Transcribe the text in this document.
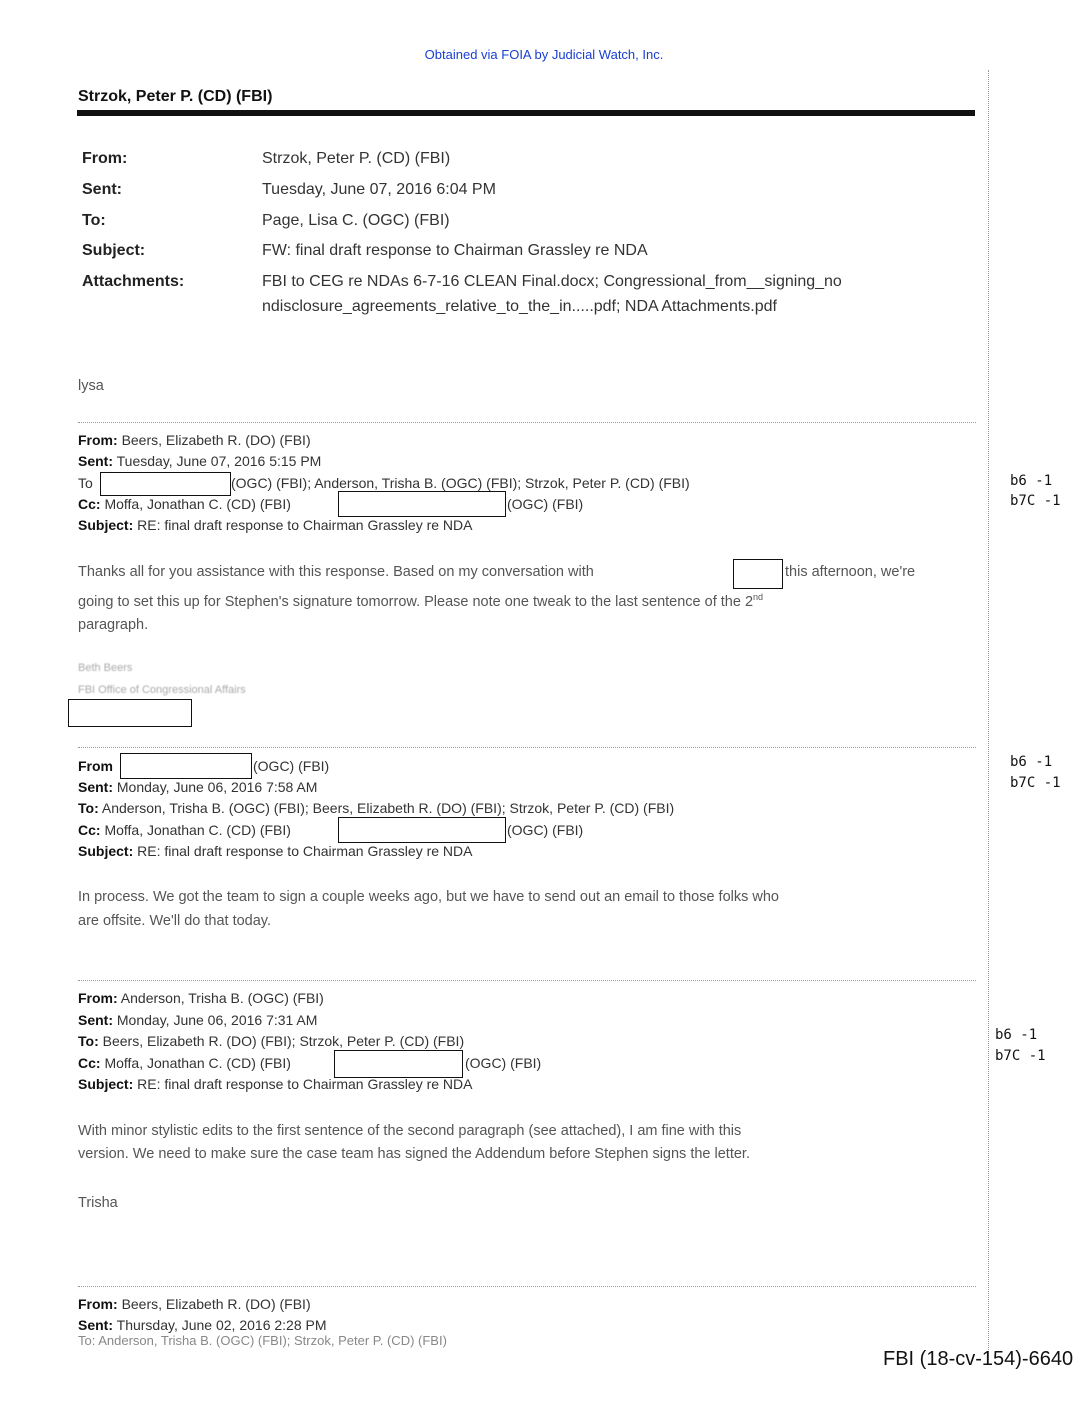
Obtained via FOIA by Judicial Watch, Inc.
Strzok, Peter P. (CD) (FBI)
From:	Strzok, Peter P. (CD) (FBI)
Sent:	Tuesday, June 07, 2016 6:04 PM
To:	Page, Lisa C. (OGC) (FBI)
Subject:	FW: final draft response to Chairman Grassley re NDA
Attachments:	FBI to CEG re NDAs 6-7-16 CLEAN Final.docx; Congressional_from__signing_no
ndisclosure_agreements_relative_to_the_in.....pdf; NDA Attachments.pdf
lysa
From: Beers, Elizabeth R. (DO) (FBI)
Sent: Tuesday, June 07, 2016 5:15 PM
To	(OGC) (FBI); Anderson, Trisha B. (OGC) (FBI); Strzok, Peter P. (CD) (FBI)
Cc: Moffa, Jonathan C. (CD) (FBI)	(OGC) (FBI)
Subject: RE: final draft response to Chairman Grassley re NDA
Thanks all for you assistance with this response. Based on my conversation with	this afternoon, we're
going to set this up for Stephen's signature tomorrow. Please note one tweak to the last sentence of the 2nd
paragraph.
Beth Beers
FBI Office of Congressional Affairs
b6 -1
b7C -1
From	(OGC) (FBI)
Sent: Monday, June 06, 2016 7:58 AM
To: Anderson, Trisha B. (OGC) (FBI); Beers, Elizabeth R. (DO) (FBI); Strzok, Peter P. (CD) (FBI)
Cc: Moffa, Jonathan C. (CD) (FBI)	(OGC) (FBI)
Subject: RE: final draft response to Chairman Grassley re NDA
In process. We got the team to sign a couple weeks ago, but we have to send out an email to those folks who
are offsite. We'll do that today.
b6 -1
b7C -1
From: Anderson, Trisha B. (OGC) (FBI)
Sent: Monday, June 06, 2016 7:31 AM
To: Beers, Elizabeth R. (DO) (FBI); Strzok, Peter P. (CD) (FBI)
Cc: Moffa, Jonathan C. (CD) (FBI)	(OGC) (FBI)
Subject: RE: final draft response to Chairman Grassley re NDA
With minor stylistic edits to the first sentence of the second paragraph (see attached), I am fine with this
version. We need to make sure the case team has signed the Addendum before Stephen signs the letter.
Trisha
b6 -1
b7C -1
From: Beers, Elizabeth R. (DO) (FBI)
Sent: Thursday, June 02, 2016 2:28 PM
$^{To: Anderson, Trisha B. (OGC) (FBI); Strzok, Peter P. (CD) (FBI)}$
FBI (18-cv-154)-6640
